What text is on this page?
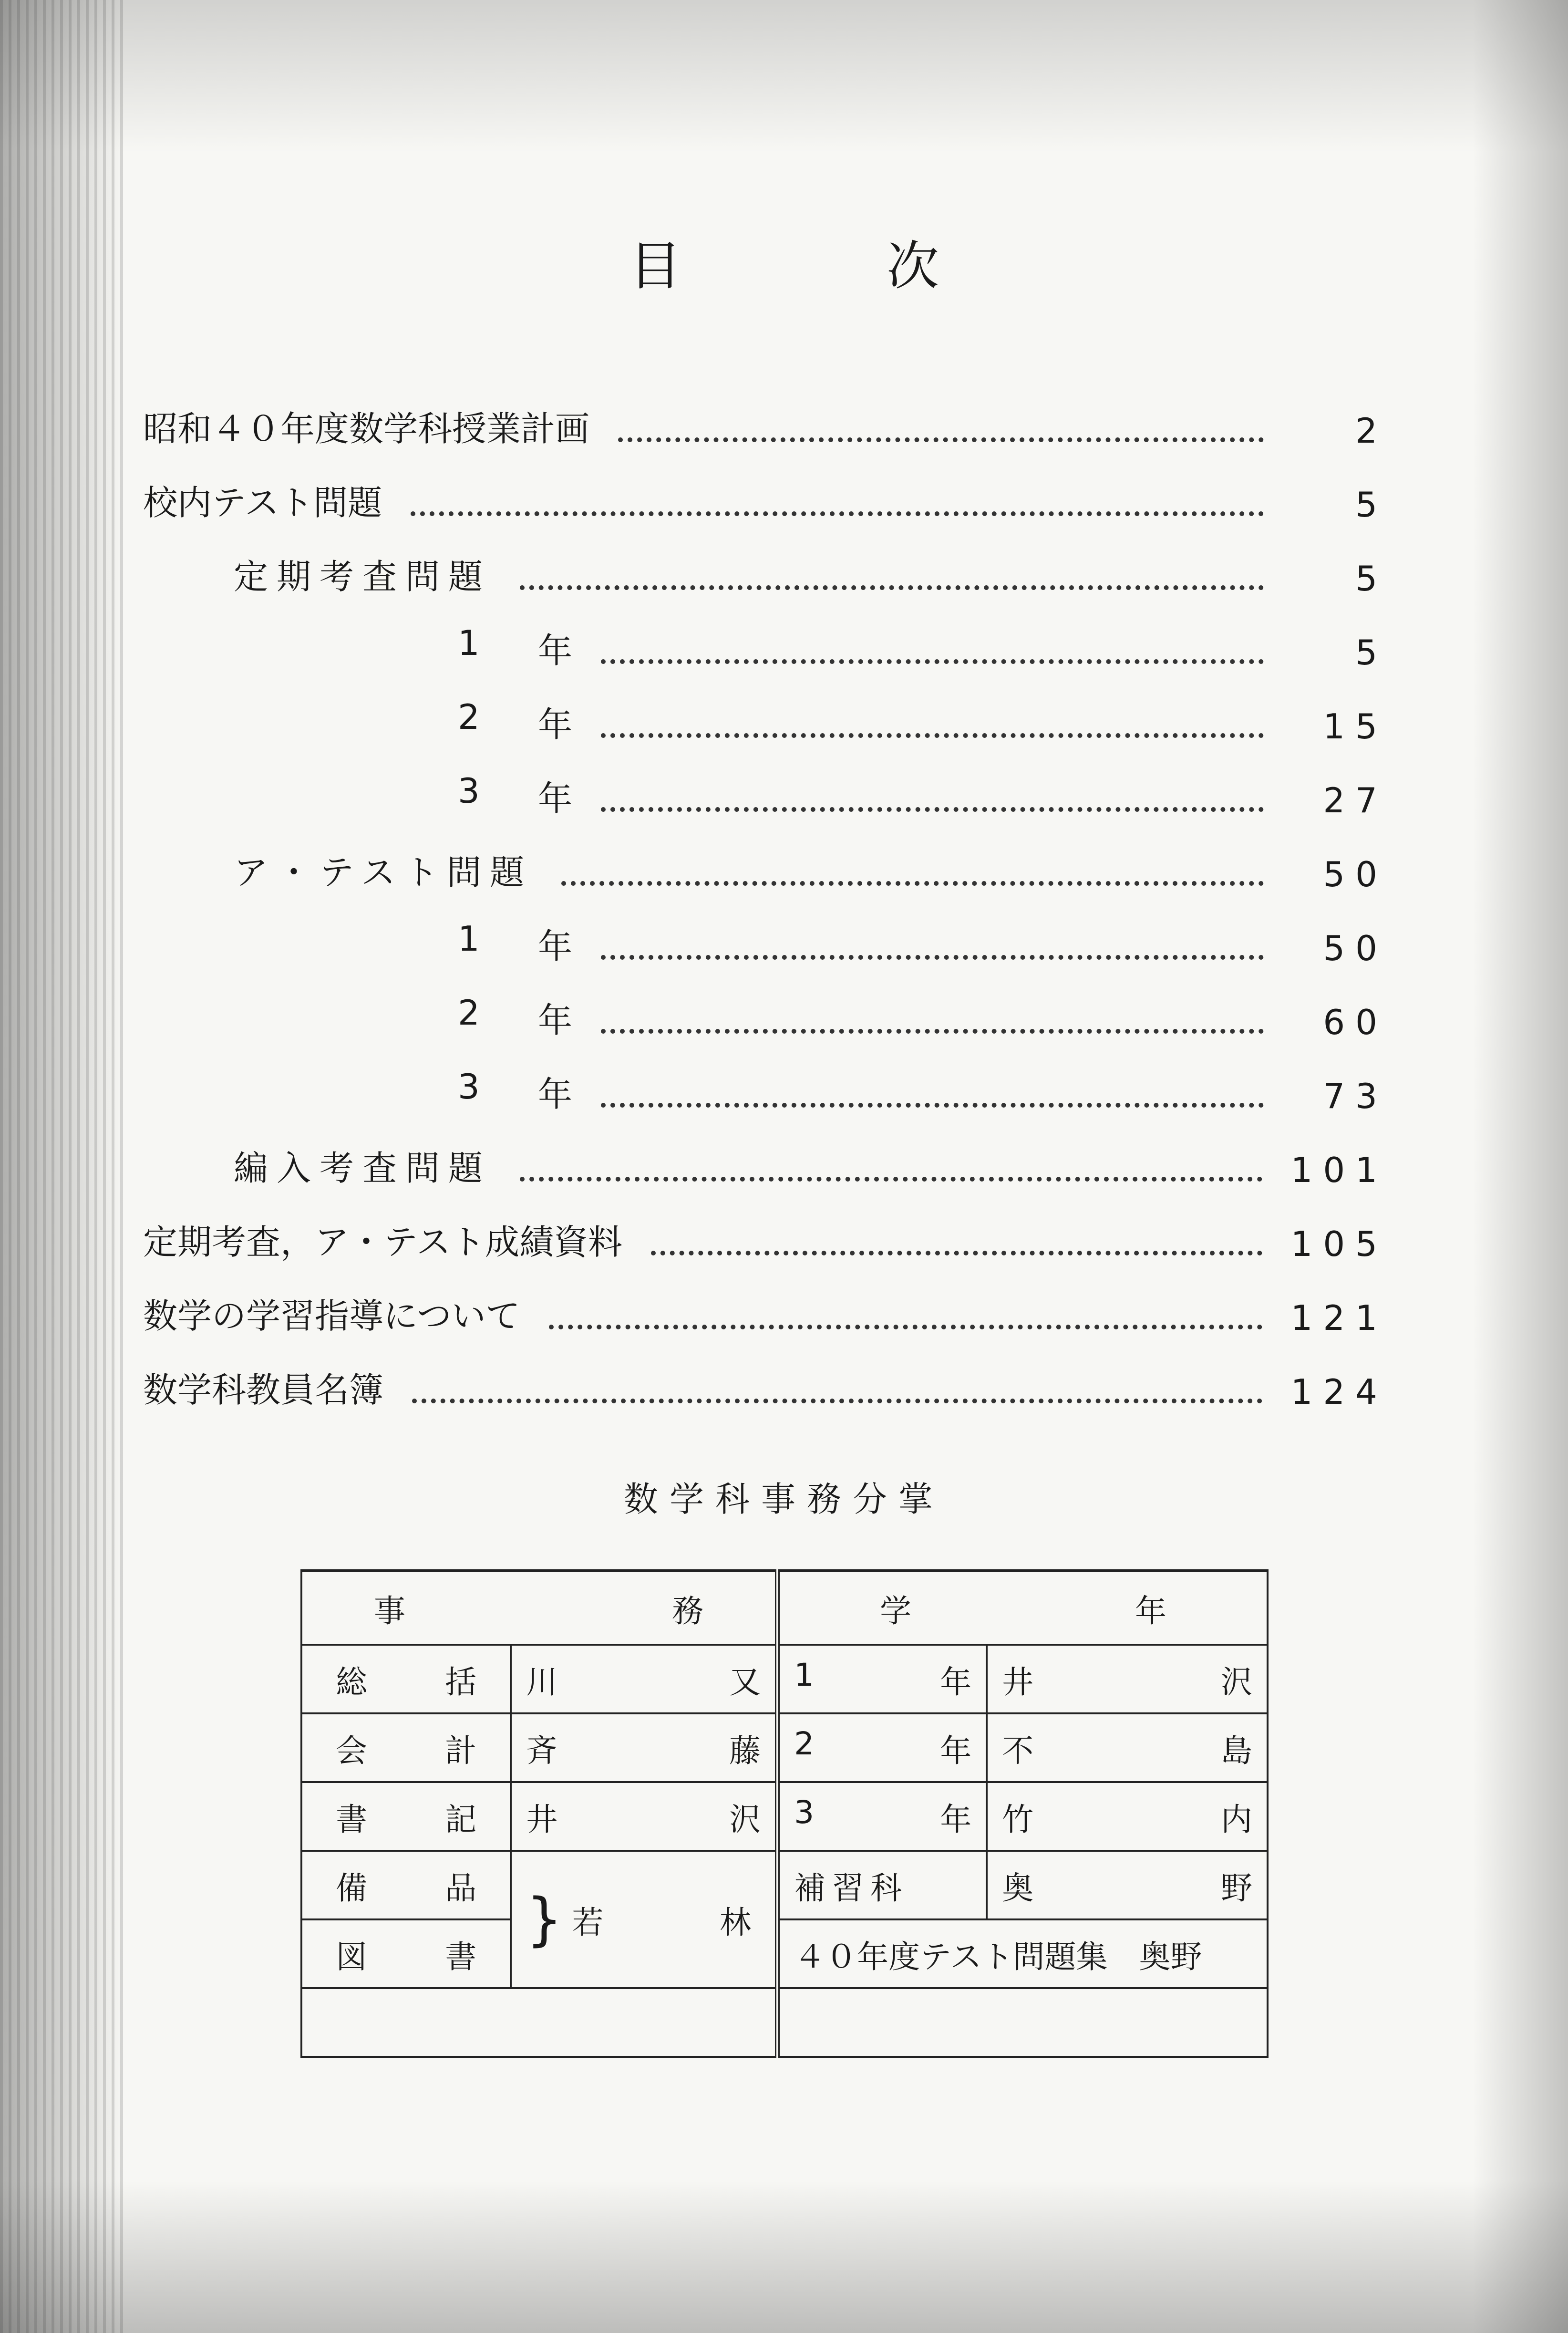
目　次
昭和４０年度数学科授業計画	2
校内テスト問題	5
定期考査問題	5
1 年	5
2 年	15
3 年	27
ア・テスト問題	50
1 年	50
2 年	60
3 年	73
編入考査問題	101
定期考査，ア・テスト成績資料	105
数学の学習指導について	121
数学科教員名簿	124
数学科事務分掌
事 務		学 年	

総 括	川 又	1 年	井 沢

会 計	斉 藤	2 年	不 島

書 記	井 沢	3 年	竹 内

備 品	} 若 林	補習科	奥 野

図 書		４０年度テスト問題集　奥野	
